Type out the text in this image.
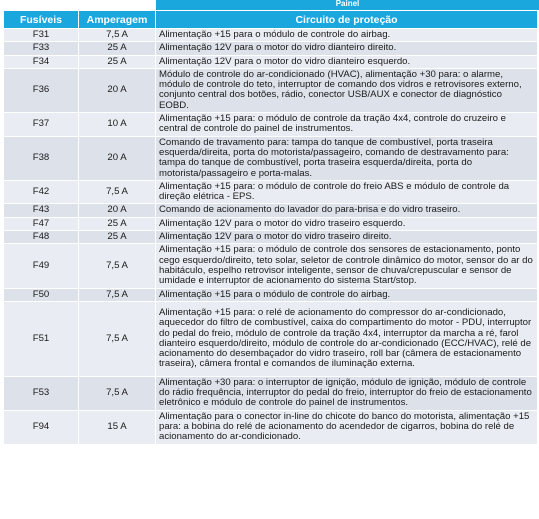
Painel
Fusíveis	Amperagem	Circuito de proteção
F31	7,5 A	Alimentação +15 para o módulo de controle do airbag.
F33	25 A	Alimentação 12V para o motor do vidro dianteiro direito.
F34	25 A	Alimentação 12V para o motor do vidro dianteiro esquerdo.
F36	20 A	Módulo de controle do ar-condicionado (HVAC), alimentação +30 para: o alarme, módulo de controle do teto, interruptor de comando dos vidros e retrovisores externo, conjunto central dos botões, rádio, conector USB/AUX e conector de diagnóstico EOBD.
F37	10 A	Alimentação +15 para: o módulo de controle da tração 4x4, controle do cruzeiro e central de controle do painel de instrumentos.
F38	20 A	Comando de travamento para: tampa do tanque de combustível, porta traseira esquerda/direita, porta do motorista/passageiro, comando de destravamento para: tampa do tanque de combustível, porta traseira esquerda/direita, porta do motorista/passageiro e porta-malas.
F42	7,5 A	Alimentação +15 para: o módulo de controle do freio ABS e módulo de controle da direção elétrica - EPS.
F43	20 A	Comando de acionamento do lavador do para-brisa e do vidro traseiro.
F47	25 A	Alimentação 12V para o motor do vidro traseiro esquerdo.
F48	25 A	Alimentação 12V para o motor do vidro traseiro direito.
F49	7,5 A	Alimentação +15 para: o módulo de controle dos sensores de estacionamento, ponto cego esquerdo/direito, teto solar, seletor de controle dinâmico do motor, sensor do ar do habitáculo, espelho retrovisor inteligente, sensor de chuva/crepuscular e sensor de umidade e interruptor de acionamento do sistema Start/stop.
F50	7,5 A	Alimentação +15 para o módulo de controle do airbag.
F51	7,5 A	Alimentação +15 para: o relé de acionamento do compressor do ar-condicionado, aquecedor do filtro de combustível, caixa do compartimento do motor - PDU, interruptor do pedal do freio, módulo de controle da tração 4x4, interruptor da marcha a ré, farol dianteiro esquerdo/direito, módulo de controle do ar-condicionado (ECC/HVAC), relé de acionamento do desembaçador do vidro traseiro, roll bar (câmera de estacionamento traseira), câmera frontal e comandos de iluminação externa.
F53	7,5 A	Alimentação +30 para: o interruptor de ignição, módulo de ignição, módulo de controle do rádio frequência, interruptor do pedal do freio, interruptor do freio de estacionamento eletrônico e módulo de controle do painel de instrumentos.
F94	15 A	Alimentação para o conector in-line do chicote do banco do motorista, alimentação +15 para: a bobina do relé de acionamento do acendedor de cigarros, bobina do relé de acionamento do ar-condicionado.
